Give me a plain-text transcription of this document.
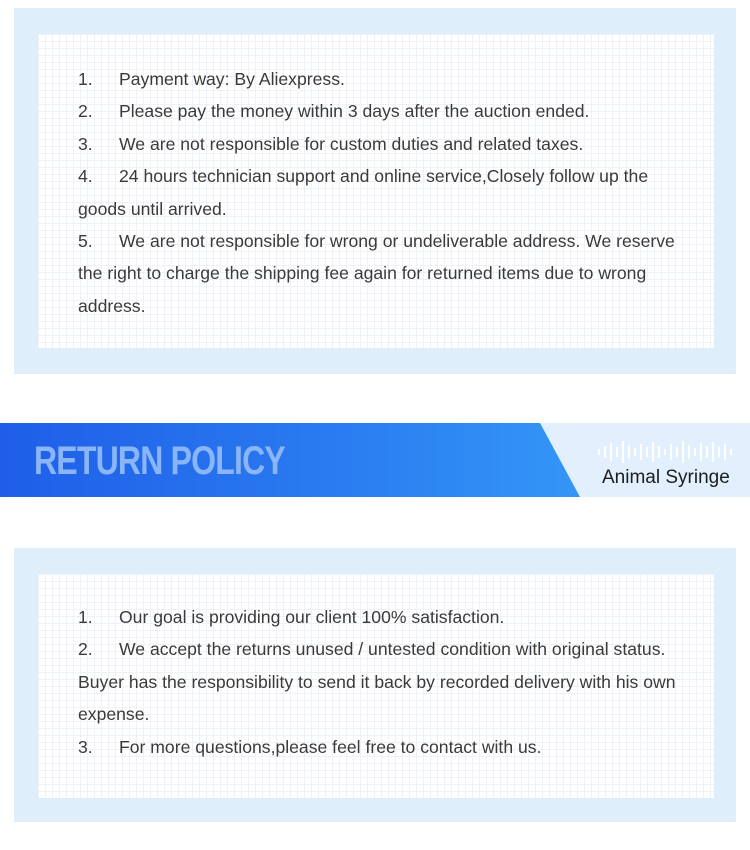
1. Payment way: By Aliexpress.

2. Please pay the money within 3 days after the auction ended.

3. We are not responsible for custom duties and related taxes.

4. 24 hours technician support and online service,Closely follow up the goods until arrived.

5. We are not responsible for wrong or undeliverable address. We reserve the right to charge the shipping fee again for returned items due to wrong address.

RETURN POLICY	Animal Syringe

1. Our goal is providing our client 100% satisfaction.

2. We accept the returns unused / untested condition with original status. Buyer has the responsibility to send it back by recorded delivery with his own expense.

3. For more questions,please feel free to contact with us.
